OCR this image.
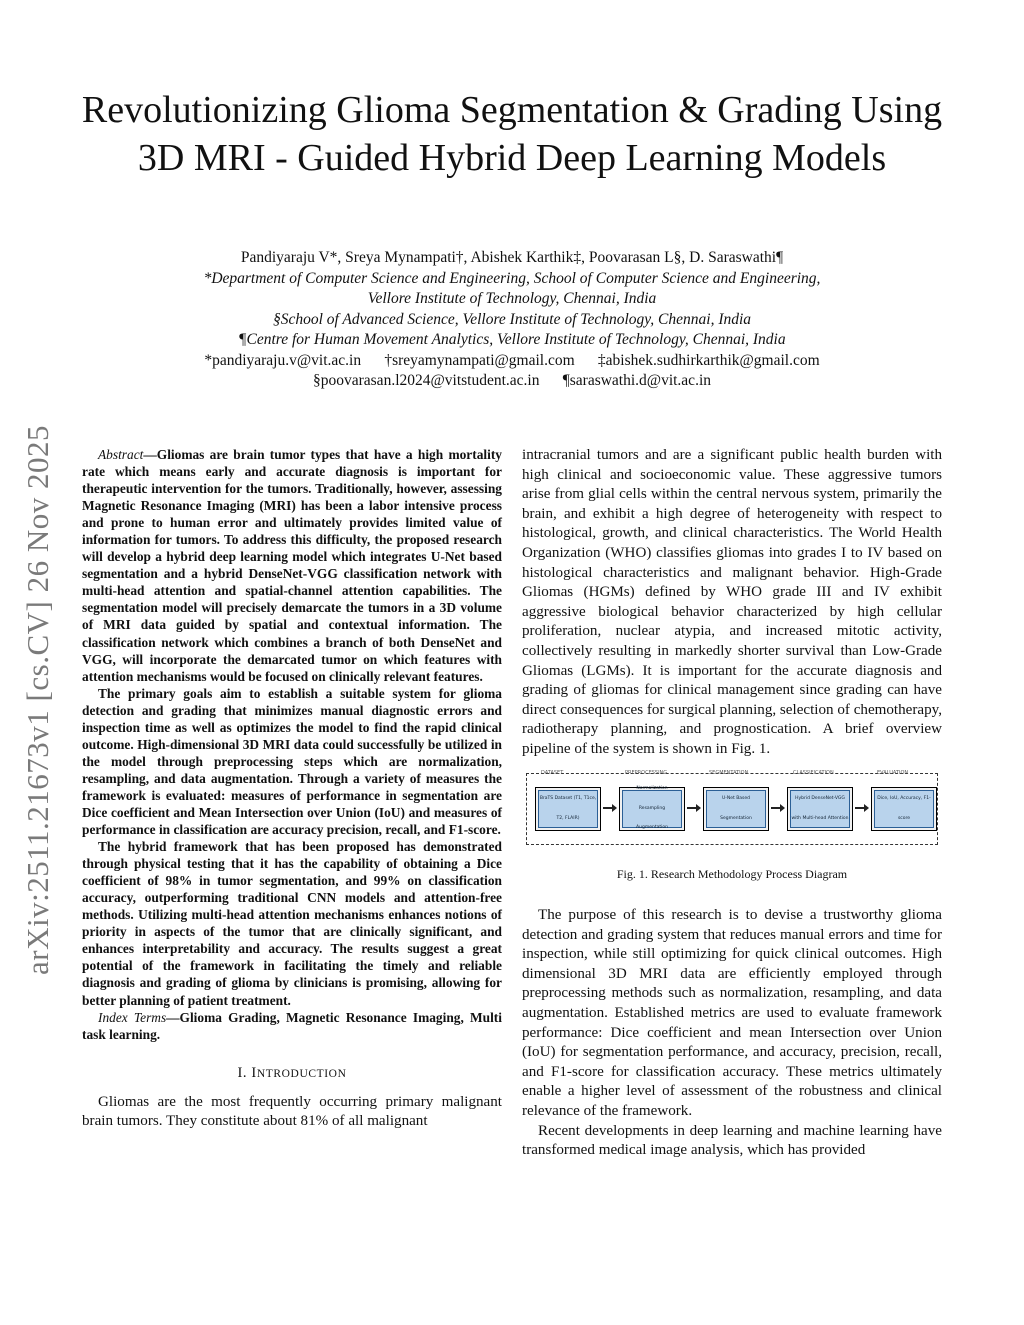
arXiv:2511.21673v1 [cs.CV] 26 Nov 2025
Revolutionizing Glioma Segmentation & Grading Using 3D MRI - Guided Hybrid Deep Learning Models
Pandiyaraju V*, Sreya Mynampati†, Abishek Karthik‡, Poovarasan L§, D. Saraswathi¶
*Department of Computer Science and Engineering, School of Computer Science and Engineering,
Vellore Institute of Technology, Chennai, India
§School of Advanced Science, Vellore Institute of Technology, Chennai, India
¶Centre for Human Movement Analytics, Vellore Institute of Technology, Chennai, India
*pandiyaraju.v@vit.ac.in      †sreyamynampati@gmail.com      ‡abishek.sudhirkarthik@gmail.com
§poovarasan.l2024@vitstudent.ac.in      ¶saraswathi.d@vit.ac.in

Abstract—Gliomas are brain tumor types that have a high mortality rate which means early and accurate diagnosis is important for therapeutic intervention for the tumors. Traditionally, however, assessing Magnetic Resonance Imaging (MRI) has been a labor intensive process and prone to human error and ultimately provides limited value of information for tumors. To address this difficulty, the proposed research will develop a hybrid deep learning model which integrates U-Net based segmentation and a hybrid DenseNet-VGG classification network with multi-head attention and spatial-channel attention capabilities. The segmentation model will precisely demarcate the tumors in a 3D volume of MRI data guided by spatial and contextual information. The classification network which combines a branch of both DenseNet and VGG, will incorporate the demarcated tumor on which features with attention mechanisms would be focused on clinically relevant features.

The primary goals aim to establish a suitable system for glioma detection and grading that minimizes manual diagnostic errors and inspection time as well as optimizes the model to find the rapid clinical outcome. High-dimensional 3D MRI data could successfully be utilized in the model through preprocessing steps which are normalization, resampling, and data augmentation. Through a variety of measures the framework is evaluated: measures of performance in segmentation are Dice coefficient and Mean Intersection over Union (IoU) and measures of performance in classification are accuracy precision, recall, and F1-score.

The hybrid framework that has been proposed has demonstrated through physical testing that it has the capability of obtaining a Dice coefficient of 98% in tumor segmentation, and 99% on classification accuracy, outperforming traditional CNN models and attention-free methods. Utilizing multi-head attention mechanisms enhances notions of priority in aspects of the tumor that are clinically significant, and enhances interpretability and accuracy. The results suggest a great potential of the framework in facilitating the timely and reliable diagnosis and grading of glioma by clinicians is promising, allowing for better planning of patient treatment.

Index Terms—Glioma Grading, Magnetic Resonance Imaging, Multi task learning.

I. INTRODUCTION

Gliomas are the most frequently occurring primary malignant brain tumors. They constitute about 81% of all malignant

intracranial tumors and are a significant public health burden with high clinical and socioeconomic value. These aggressive tumors arise from glial cells within the central nervous system, primarily the brain, and exhibit a high degree of heterogeneity with respect to histological, growth, and clinical characteristics. The World Health Organization (WHO) classifies gliomas into grades I to IV based on histological characteristics and malignant behavior. High-Grade Gliomas (HGMs) defined by WHO grade III and IV exhibit aggressive biological behavior characterized by high cellular proliferation, nuclear atypia, and increased mitotic activity, collectively resulting in markedly shorter survival than Low-Grade Gliomas (LGMs). It is important for the accurate diagnosis and grading of gliomas for clinical management since grading can have direct consequences for surgical planning, selection of chemotherapy, radiotherapy planning, and prognostication. A brief overview pipeline of the system is shown in Fig. 1.

DATASET
BraTS Dataset (T1, T1ce, T2, FLAIR)
PREPROCESSING
Normalization Resampling Augmentation
SEGMENTATION
U-Net Based Segmentation
CLASSIFICATION
Hybrid DenseNet-VGG with Multi-head Attention
EVALUATION
Dice, IoU, Accuracy, F1-score
Fig. 1. Research Methodology Process Diagram

The purpose of this research is to devise a trustworthy glioma detection and grading system that reduces manual errors and time for inspection, while still optimizing for quick clinical outcomes. High dimensional 3D MRI data are efficiently employed through preprocessing methods such as normalization, resampling, and data augmentation. Established metrics are used to evaluate framework performance: Dice coefficient and mean Intersection over Union (IoU) for segmentation performance, and accuracy, precision, recall, and F1-score for classification accuracy. These metrics ultimately enable a higher level of assessment of the robustness and clinical relevance of the framework.

Recent developments in deep learning and machine learning have transformed medical image analysis, which has provided
